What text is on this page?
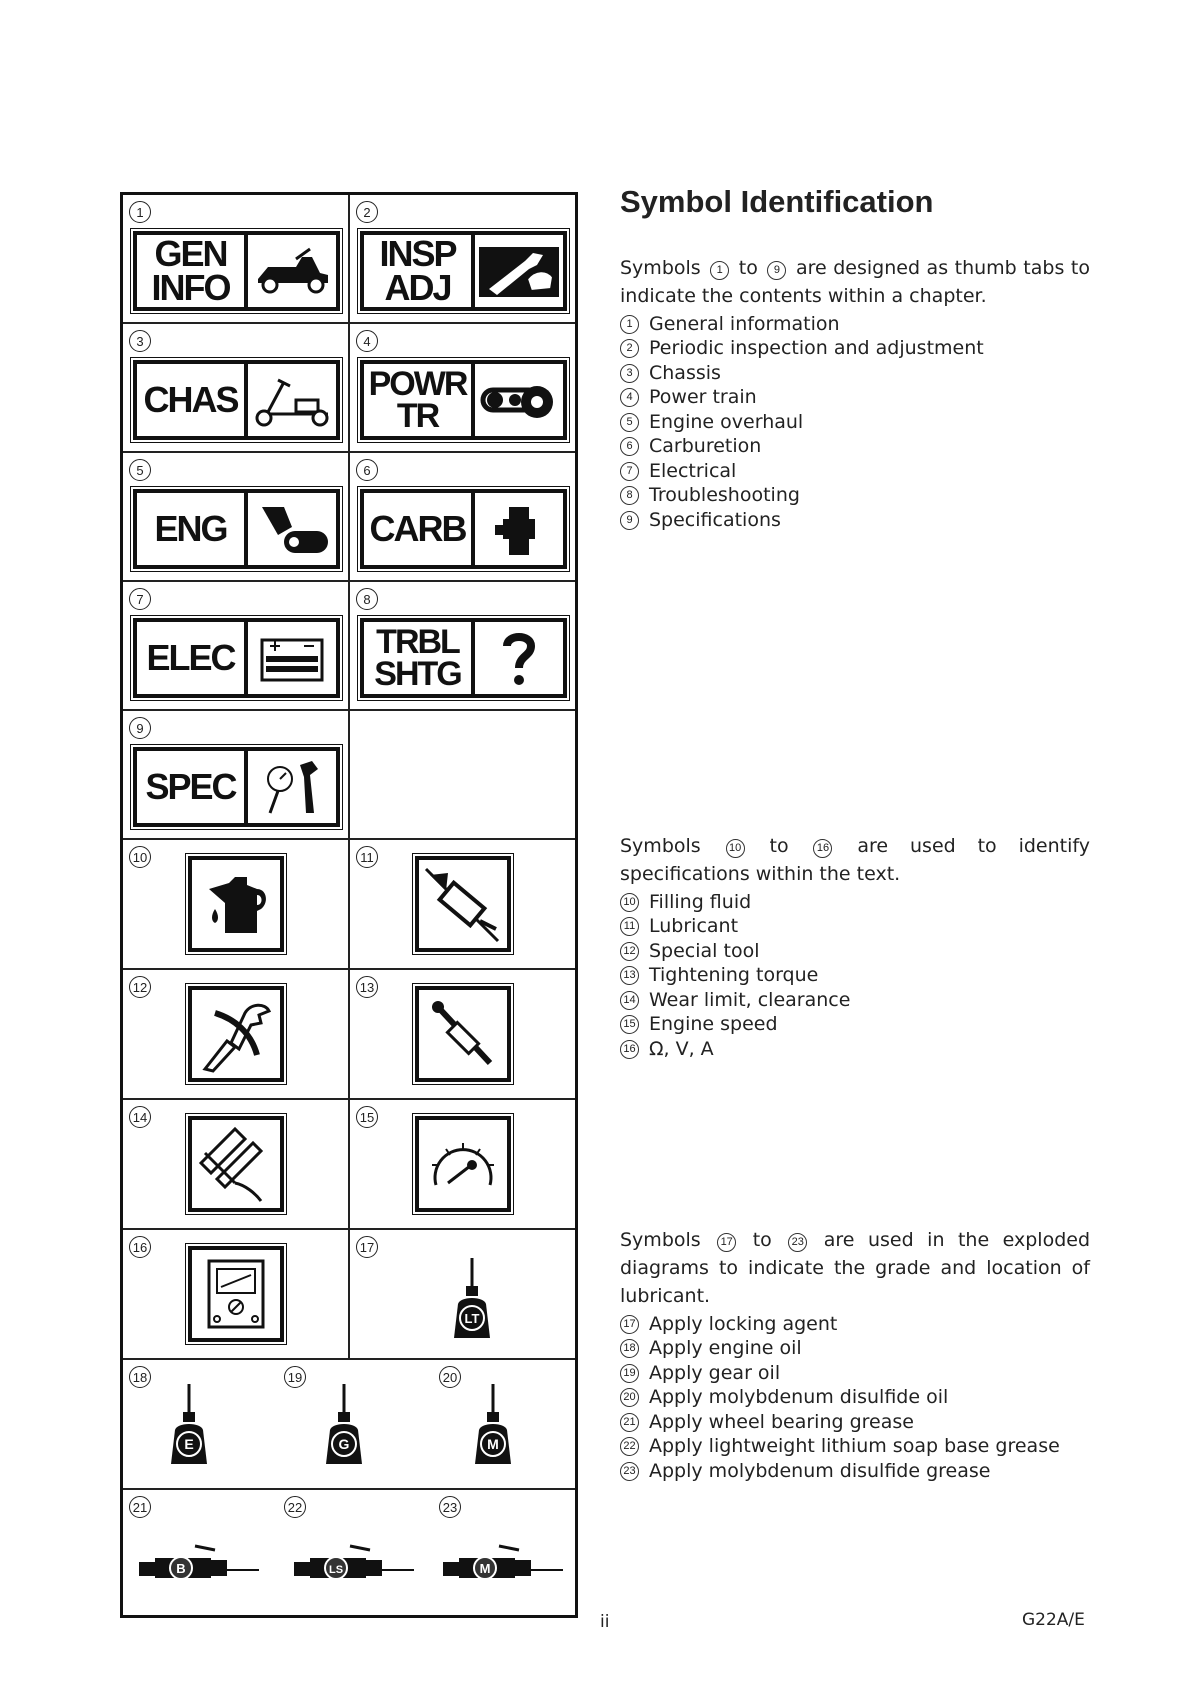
1
GEN
INFO
2
INSP
ADJ
3
CHAS
4
POWR
TR
5
ENG
6
CARB
7
ELEC
8
TRBL
SHTG
9
SPEC
10	11
12	13
14	15
16	17
LT
18
E
19
G
20
M
21
B
22
LS
23
M
Symbol Identification
Symbols 1 to 9 are designed as thumb tabs to indicate the contents within a chapter.
1 General information
2 Periodic inspection and adjustment
3 Chassis
4 Power train
5 Engine overhaul
6 Carburetion
7 Electrical
8 Troubleshooting
9 Specifications
Symbols	10 to	16 are used to identify specifications within the text.
10 Filling fluid
11 Lubricant
12 Special tool
13 Tightening torque
14 Wear limit, clearance
15 Engine speed
16 Ω, V, A
Symbols 17 to 23 are used in the exploded diagrams to indicate the grade and location of lubricant.
17 Apply locking agent
18 Apply engine oil
19 Apply gear oil
20 Apply molybdenum disulfide oil
21 Apply wheel bearing grease
22 Apply lightweight lithium soap base grease
23 Apply molybdenum disulfide grease
ii	G22A/E
